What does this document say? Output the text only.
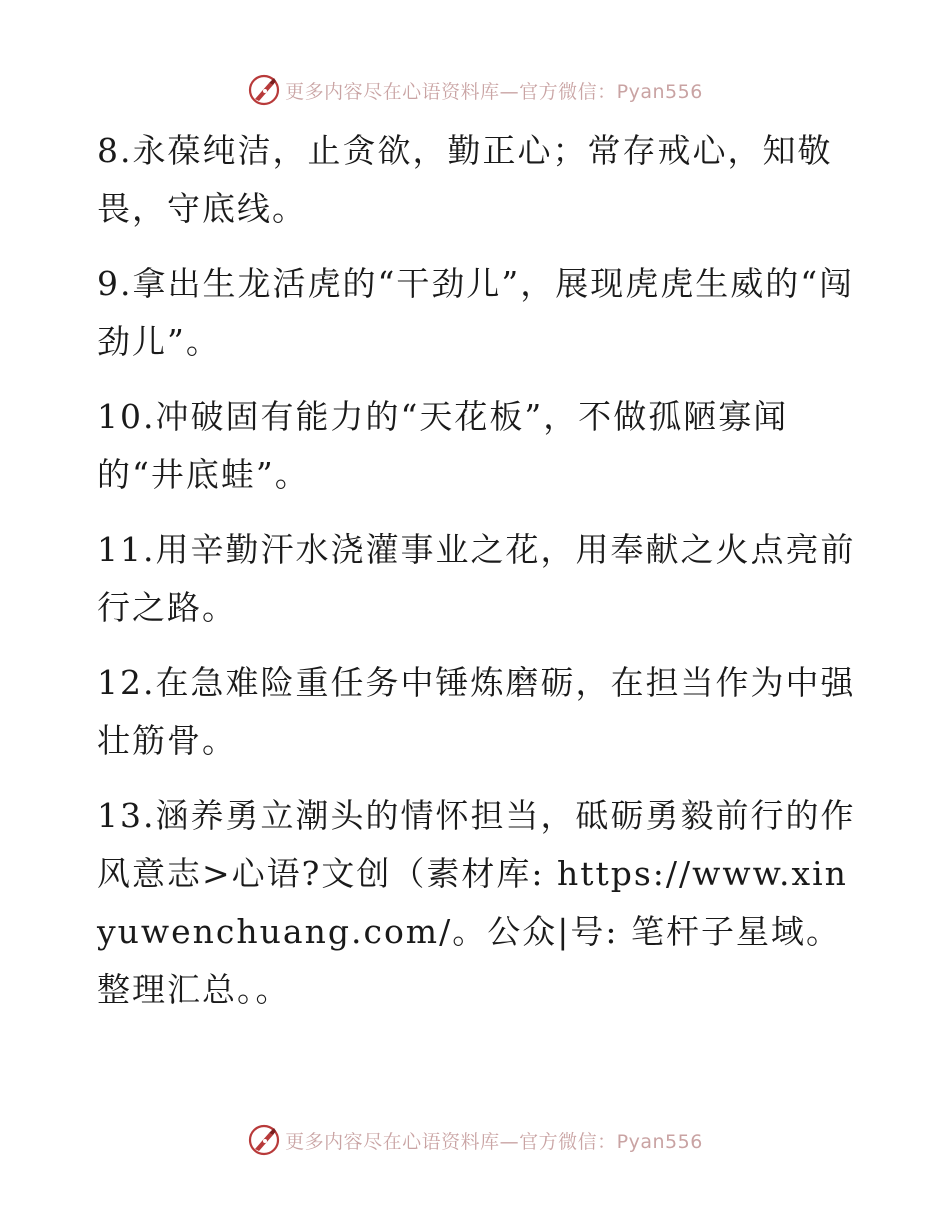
更多内容尽在心语资料库—官方微信：Pyan556

8.永葆纯洁，止贪欲，勤正心；常存戒心，知敬畏，守底线。

9.拿出生龙活虎的“干劲儿”，展现虎虎生威的“闯劲儿”。

10.冲破固有能力的“天花板”，不做孤陋寡闻的“井底蛙”。

11.用辛勤汗水浇灌事业之花，用奉献之火点亮前行之路。

12.在急难险重任务中锤炼磨砺，在担当作为中强壮筋骨。

13.涵养勇立潮头的情怀担当，砥砺勇毅前行的作风意志>心语?文创（素材库: https://www.xinyuwenchuang.com/。公众|号: 笔杆子星域。整理汇总。。

更多内容尽在心语资料库—官方微信：Pyan556
